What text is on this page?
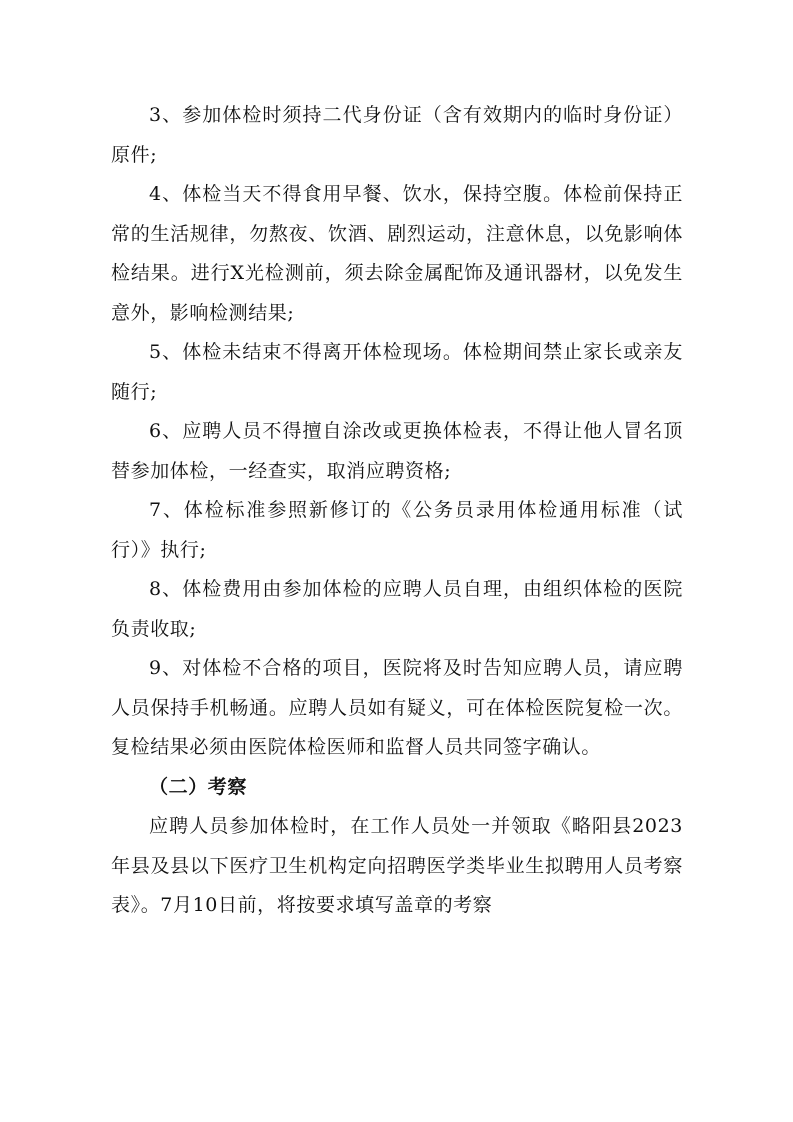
3、参加体检时须持二代身份证（含有效期内的临时身份证）原件;

4、体检当天不得食用早餐、饮水，保持空腹。体检前保持正常的生活规律，勿熬夜、饮酒、剧烈运动，注意休息，以免影响体检结果。进行X光检测前，须去除金属配饰及通讯器材，以免发生意外，影响检测结果;

5、体检未结束不得离开体检现场。体检期间禁止家长或亲友随行;

6、应聘人员不得擅自涂改或更换体检表，不得让他人冒名顶替参加体检，一经查实，取消应聘资格;

7、体检标准参照新修订的《公务员录用体检通用标准（试行）》执行;

8、体检费用由参加体检的应聘人员自理，由组织体检的医院负责收取;

9、对体检不合格的项目，医院将及时告知应聘人员，请应聘人员保持手机畅通。应聘人员如有疑义，可在体检医院复检一次。复检结果必须由医院体检医师和监督人员共同签字确认。

（二）考察

应聘人员参加体检时，在工作人员处一并领取《略阳县2023年县及县以下医疗卫生机构定向招聘医学类毕业生拟聘用人员考察表》。7月10日前，将按要求填写盖章的考察
